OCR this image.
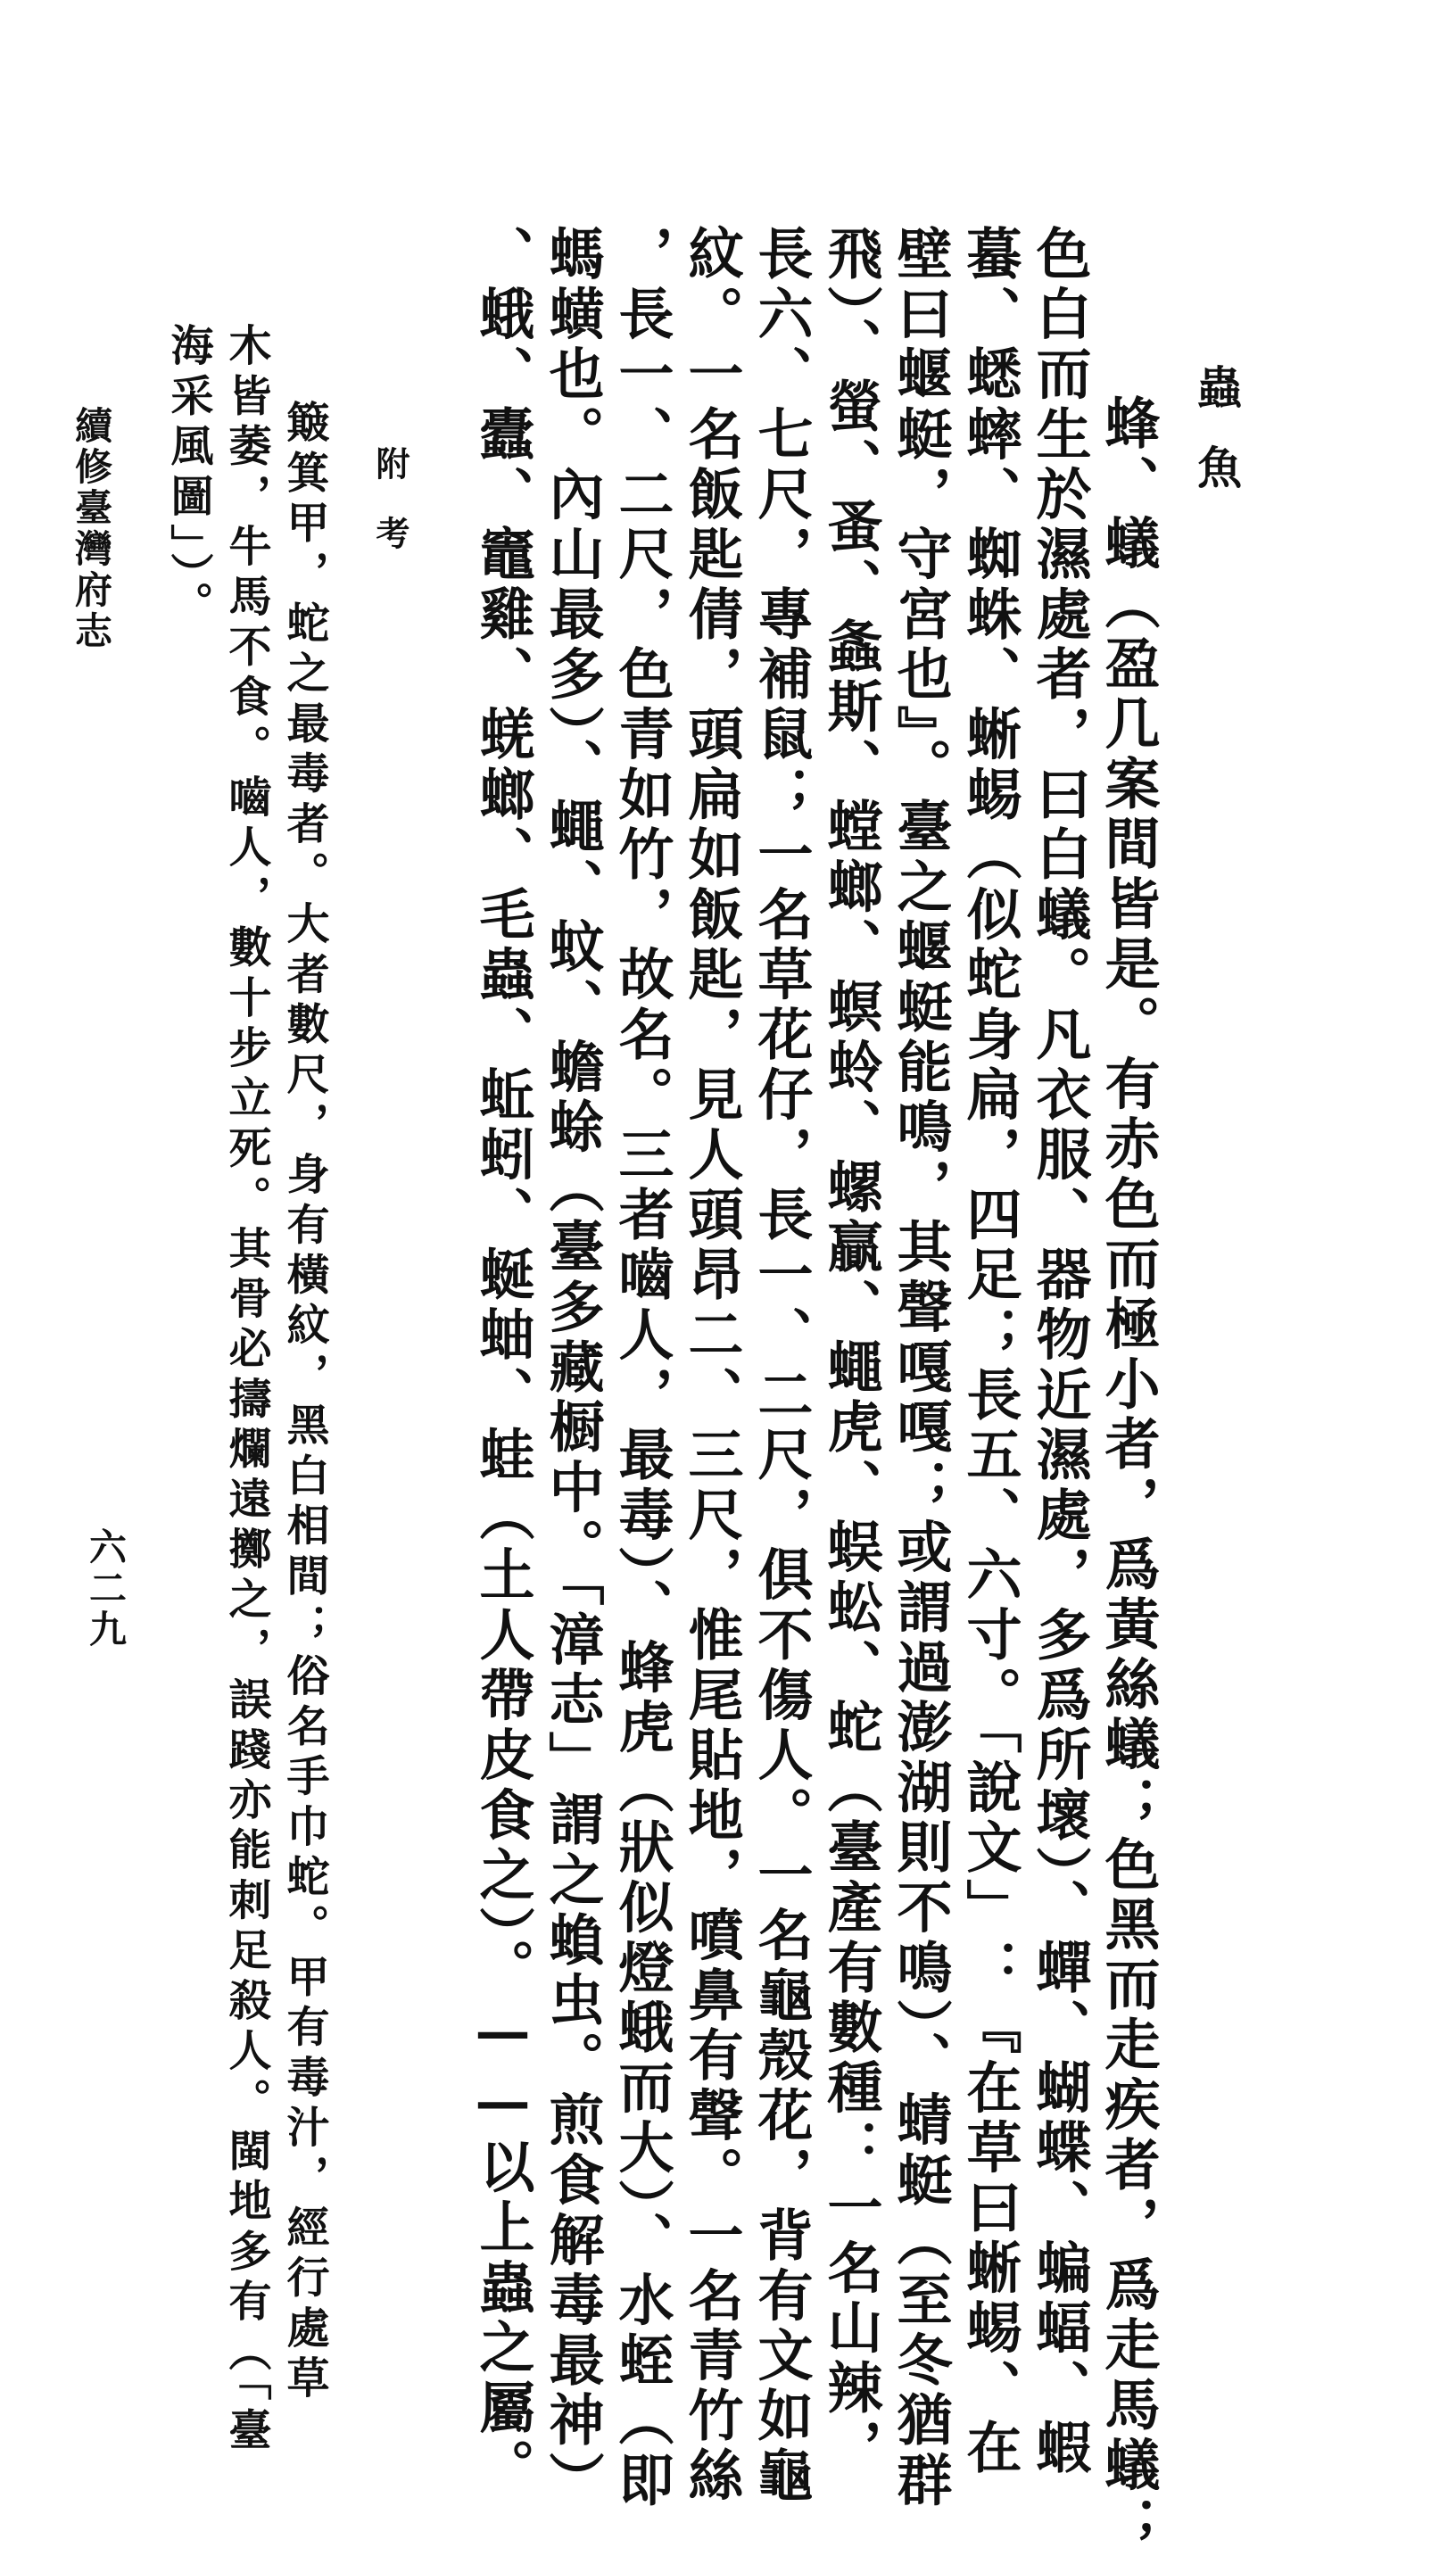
蟲魚
蜂、蟻（盈几案間皆是。有赤色而極小者，爲黃絲蟻；色黑而走疾者，爲走馬蟻；
色白而生於濕處者，曰白蟻。凡衣服、器物近濕處，多爲所壞）、蟬、蝴蝶、蝙蝠、蝦
蟇、蟋蟀、蜘蛛、蜥蜴（似蛇身扁，四足；長五、六寸。「說文」：『在草曰蜥蜴、在
壁曰蝘蜓，守宮也』。臺之蝘蜓能鳴，其聲嘎嘎；或謂過澎湖則不鳴）、蜻蜓（至冬猶群
飛）、螢、蚤、螽斯、螳螂、螟蛉、螺贏、蠅虎、蜈蚣、蛇（臺產有數種：一名山辣，
長六、七尺，專補鼠；一名草花仔，長一、二尺，俱不傷人。一名龜殼花，背有文如龜
紋。一名飯匙倩，頭扁如飯匙，見人頭昂二、三尺，惟尾貼地，噴鼻有聲。一名青竹絲
，長一、二尺，色青如竹，故名。三者嚙人，最毒）、蜂虎（狀似燈蛾而大）、水蛭（即
螞蟥也。內山最多）、蠅、蚊、蟾蜍（臺多藏橱中。「漳志」謂之蝜虫。煎食解毒最神）
、蛾、蠹、竈雞、蜣螂、毛蟲、蚯蚓、蜒蚰、蛙（土人帶皮食之）。——以上蟲之屬。
附考
簸箕甲，蛇之最毒者。大者數尺，身有橫紋，黑白相間；俗名手巾蛇。甲有毒汁，經行處草
木皆萎，牛馬不食。嚙人，數十步立死。其骨必擣爛遠擲之，誤踐亦能刺足殺人。閩地多有（「臺
海采風圖」）。
續修臺灣府志
六二九
